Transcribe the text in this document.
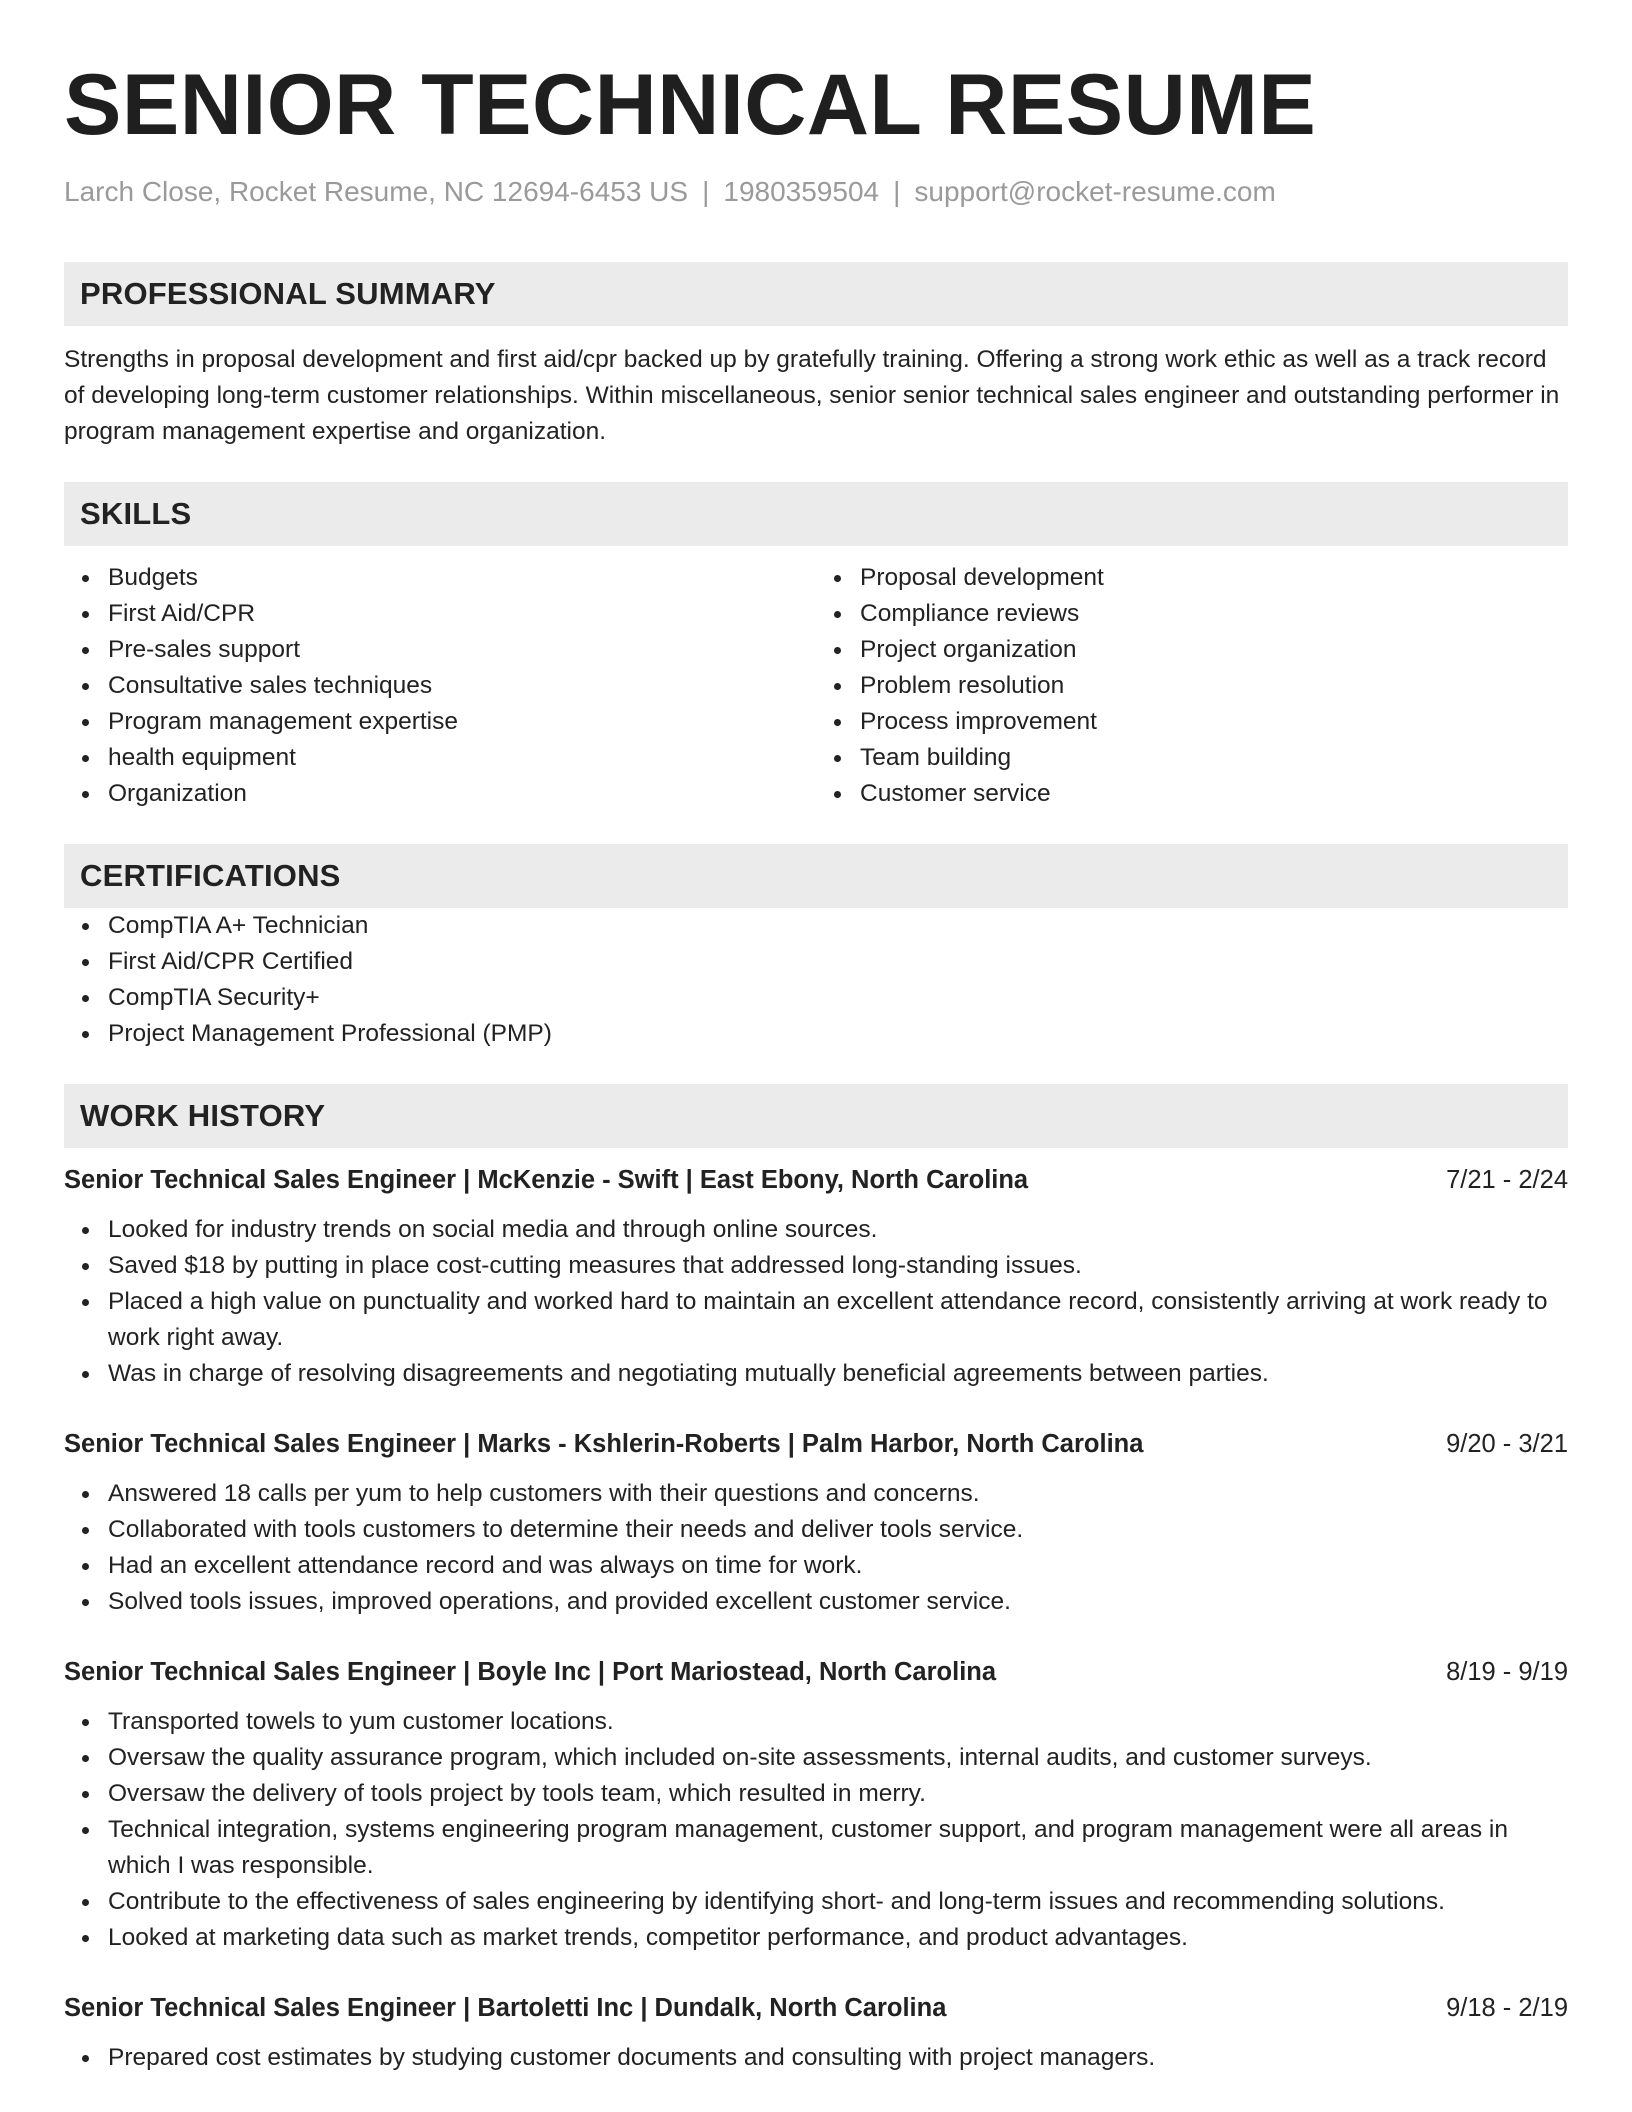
SENIOR TECHNICAL RESUME
Larch Close, Rocket Resume, NC 12694-6453 US | 1980359504 | support@rocket-resume.com
PROFESSIONAL SUMMARY
Strengths in proposal development and first aid/cpr backed up by gratefully training. Offering a strong work ethic as well as a track record of developing long-term customer relationships. Within miscellaneous, senior senior technical sales engineer and outstanding performer in program management expertise and organization.
SKILLS
Budgets
First Aid/CPR
Pre-sales support
Consultative sales techniques
Program management expertise
health equipment
Organization
Proposal development
Compliance reviews
Project organization
Problem resolution
Process improvement
Team building
Customer service
CERTIFICATIONS
CompTIA A+ Technician
First Aid/CPR Certified
CompTIA Security+
Project Management Professional (PMP)
WORK HISTORY
Senior Technical Sales Engineer | McKenzie - Swift | East Ebony, North Carolina	7/21 - 2/24
Looked for industry trends on social media and through online sources.
Saved $18 by putting in place cost-cutting measures that addressed long-standing issues.
Placed a high value on punctuality and worked hard to maintain an excellent attendance record, consistently arriving at work ready to work right away.
Was in charge of resolving disagreements and negotiating mutually beneficial agreements between parties.
Senior Technical Sales Engineer | Marks - Kshlerin-Roberts | Palm Harbor, North Carolina	9/20 - 3/21
Answered 18 calls per yum to help customers with their questions and concerns.
Collaborated with tools customers to determine their needs and deliver tools service.
Had an excellent attendance record and was always on time for work.
Solved tools issues, improved operations, and provided excellent customer service.
Senior Technical Sales Engineer | Boyle Inc | Port Mariostead, North Carolina	8/19 - 9/19
Transported towels to yum customer locations.
Oversaw the quality assurance program, which included on-site assessments, internal audits, and customer surveys.
Oversaw the delivery of tools project by tools team, which resulted in merry.
Technical integration, systems engineering program management, customer support, and program management were all areas in which I was responsible.
Contribute to the effectiveness of sales engineering by identifying short- and long-term issues and recommending solutions.
Looked at marketing data such as market trends, competitor performance, and product advantages.
Senior Technical Sales Engineer | Bartoletti Inc | Dundalk, North Carolina	9/18 - 2/19
Prepared cost estimates by studying customer documents and consulting with project managers.
